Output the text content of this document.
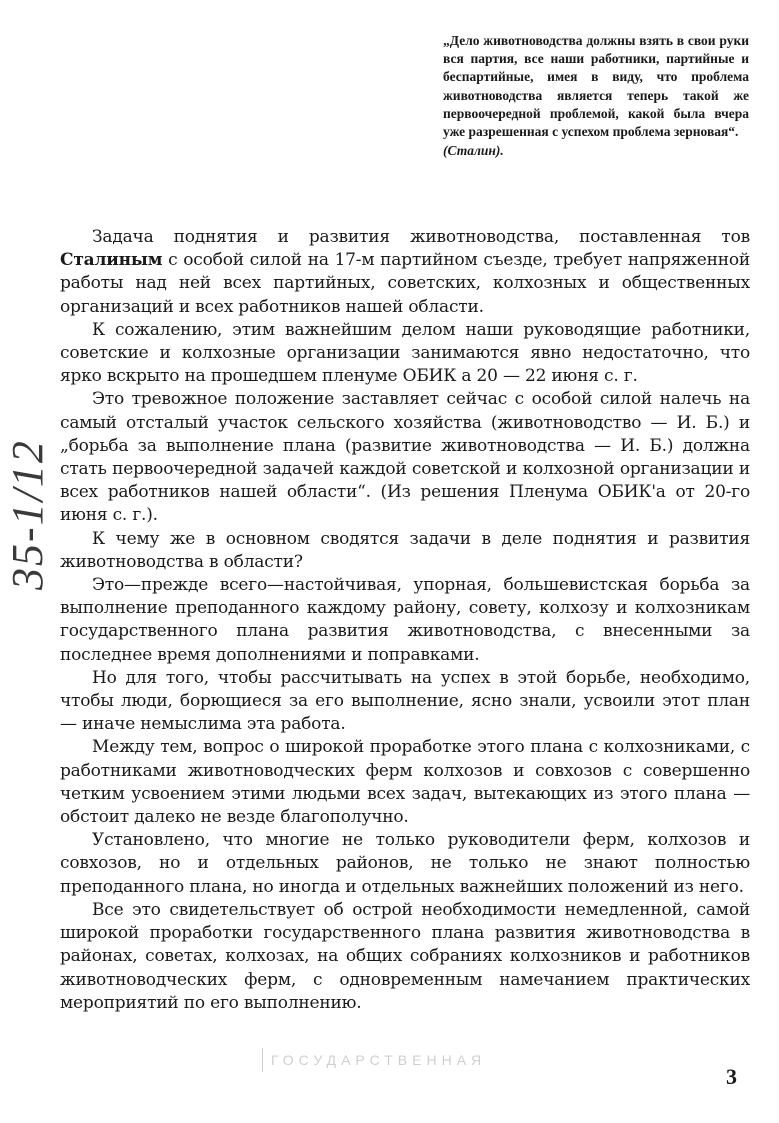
„Дело животноводства должны взять в свои руки вся партия, все наши работники, партийные и беспартийные, имея в виду, что проблема животноводства является теперь такой же первоочередной проблемой, какой была вчера уже разрешенная с успехом проблема зерновая“.
(Сталин).
35-1/12

Задача поднятия и развития животноводства, поставленная тов Сталиным с особой силой на 17-м партийном съезде, требует напряженной работы над ней всех партийных, советских, колхозных и общественных организаций и всех работников нашей области.

К сожалению, этим важнейшим делом наши руководящие работники, советские и колхозные организации занимаются явно недостаточно, что ярко вскрыто на прошедшем пленуме ОБИК а 20 — 22 июня с. г.

Это тревожное положение заставляет сейчас с особой силой налечь на самый отсталый участок сельского хозяйства (животноводство — И. Б.) и „борьба за выполнение плана (развитие животноводства — И. Б.) должна стать первоочередной задачей каждой советской и колхозной организации и всех работников нашей области“. (Из решения Пленума ОБИК'а от 20-го июня с. г.).

К чему же в основном сводятся задачи в деле поднятия и развития животноводства в области?

Это—прежде всего—настойчивая, упорная, большевистская борьба за выполнение преподанного каждому району, совету, колхозу и колхозникам государственного плана развития животноводства, с внесенными за последнее время дополнениями и поправками.

Но для того, чтобы рассчитывать на успех в этой борьбе, необходимо, чтобы люди, борющиеся за его выполнение, ясно знали, усвоили этот план — иначе немыслима эта работа.

Между тем, вопрос о широкой проработке этого плана с колхозниками, с работниками животноводческих ферм колхозов и совхозов с совершенно четким усвоением этими людьми всех задач, вытекающих из этого плана — обстоит далеко не везде благополучно.

Установлено, что многие не только руководители ферм, колхозов и совхозов, но и отдельных районов, не только не знают полностью преподанного плана, но иногда и отдельных важнейших положений из него.

Все это свидетельствует об острой необходимости немедленной, самой широкой проработки государственного плана развития животноводства в районах, советах, колхозах, на общих собраниях колхозников и работников животноводческих ферм, с одновременным намечанием практических мероприятий по его выполнению.

ГОСУДАРСТВЕННАЯ
3
